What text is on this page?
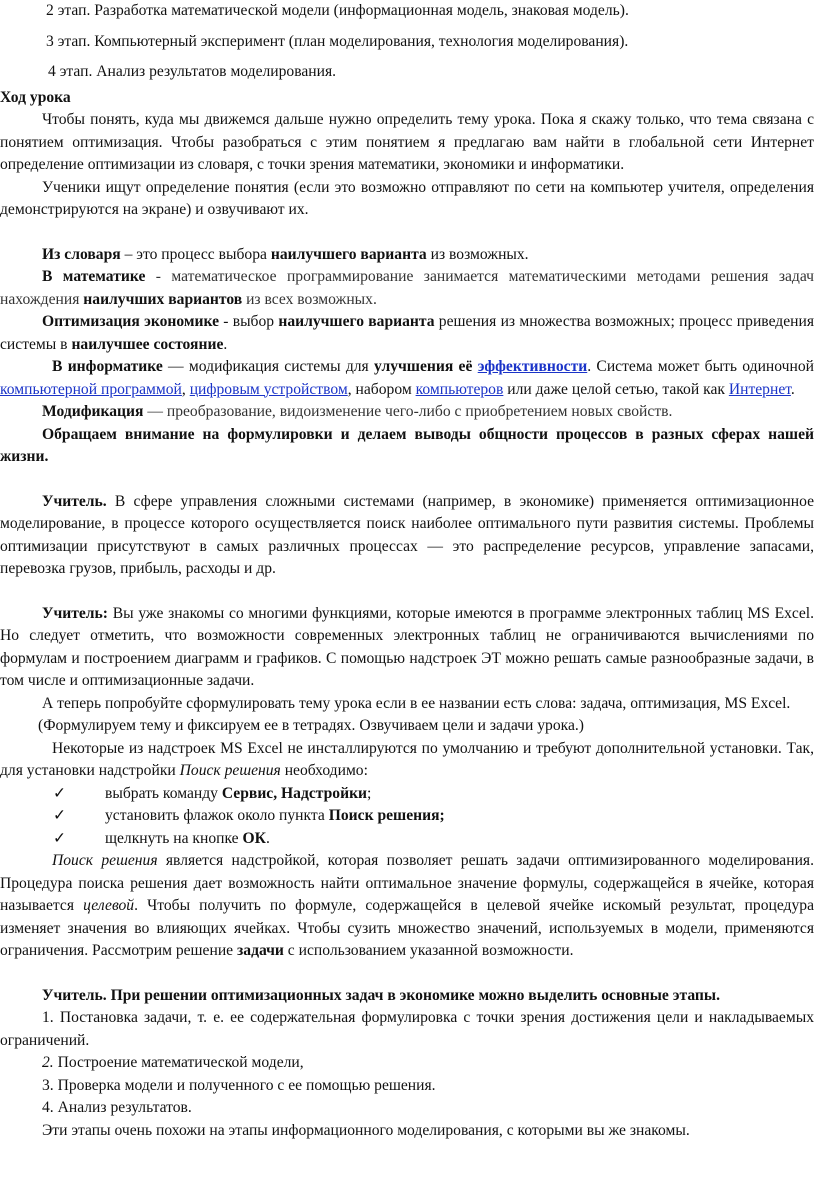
2 этап. Разработка математической модели (информационная модель, знаковая модель).

3 этап. Компьютерный эксперимент (план моделирования, технология моделирования).

4 этап. Анализ результатов моделирования.

Ход урока

Чтобы понять, куда мы движемся дальше нужно определить тему урока. Пока я скажу только, что тема связана с понятием оптимизация. Чтобы разобраться с этим понятием я предлагаю вам найти в глобальной сети Интернет определение оптимизации из словаря, с точки зрения математики, экономики и информатики.

Ученики ищут определение понятия (если это возможно отправляют по сети на компьютер учителя, определения демонстрируются на экране) и озвучивают их.

Из словаря – это процесс выбора наилучшего варианта из возможных.

В математике - математическое программирование занимается математическими методами решения задач нахождения наилучших вариантов из всех возможных.

Оптимизация экономике - выбор наилучшего варианта решения из множества возможных; процесс приведения системы в наилучшее состояние.

В информатике — модификация системы для улучшения её эффективности. Система может быть одиночной компьютерной программой, цифровым устройством, набором компьютеров или даже целой сетью, такой как Интернет.

Модификация — преобразование, видоизменение чего-либо с приобретением новых свойств.

Обращаем внимание на формулировки и делаем выводы общности процессов в разных сферах нашей жизни.

Учитель. В сфере управления сложными системами (например, в экономике) применяется оптимизационное моделирование, в процессе которого осуществляется поиск наиболее оптимального пути развития системы. Проблемы оптимизации присутствуют в самых различных процессах — это распределение ресурсов, управление запасами, перевозка грузов, прибыль, расходы и др.

Учитель: Вы уже знакомы со многими функциями, которые имеются в программе электронных таблиц MS Excel. Но следует отметить, что возможности современных электронных таблиц не ограничиваются вычислениями по формулам и построением диаграмм и графиков. С помощью надстроек ЭТ можно решать самые разнообразные задачи, в том числе и оптимизационные задачи.

А теперь попробуйте сформулировать тему урока если в ее названии есть слова: задача, оптимизация, MS Excel.

(Формулируем тему и фиксируем ее в тетрадях. Озвучиваем цели и задачи урока.)

Некоторые из надстроек MS Excel не инсталлируются по умолчанию и требуют дополнительной установки. Так, для установки надстройки Поиск решения необходимо:

✓ выбрать команду Сервис, Надстройки;
✓ установить флажок около пункта Поиск решения;
✓ щелкнуть на кнопке ОК.

Поиск решения является надстройкой, которая позволяет решать задачи оптимизированного моделирования. Процедура поиска решения дает возможность найти оптимальное значение формулы, содержащейся в ячейке, которая называется целевой. Чтобы получить по формуле, содержащейся в целевой ячейке искомый результат, процедура изменяет значения во влияющих ячейках. Чтобы сузить множество значений, используемых в модели, применяются ограничения. Рассмотрим решение задачи с использованием указанной возможности.

Учитель. При решении оптимизационных задач в экономике можно выделить основные этапы.

1. Постановка задачи, т. е. ее содержательная формулировка с точки зрения достижения цели и накладываемых ограничений.

2. Построение математической модели,

3. Проверка модели и полученного с ее помощью решения.

4. Анализ результатов.

Эти этапы очень похожи на этапы информационного моделирования, с которыми вы же знакомы.
